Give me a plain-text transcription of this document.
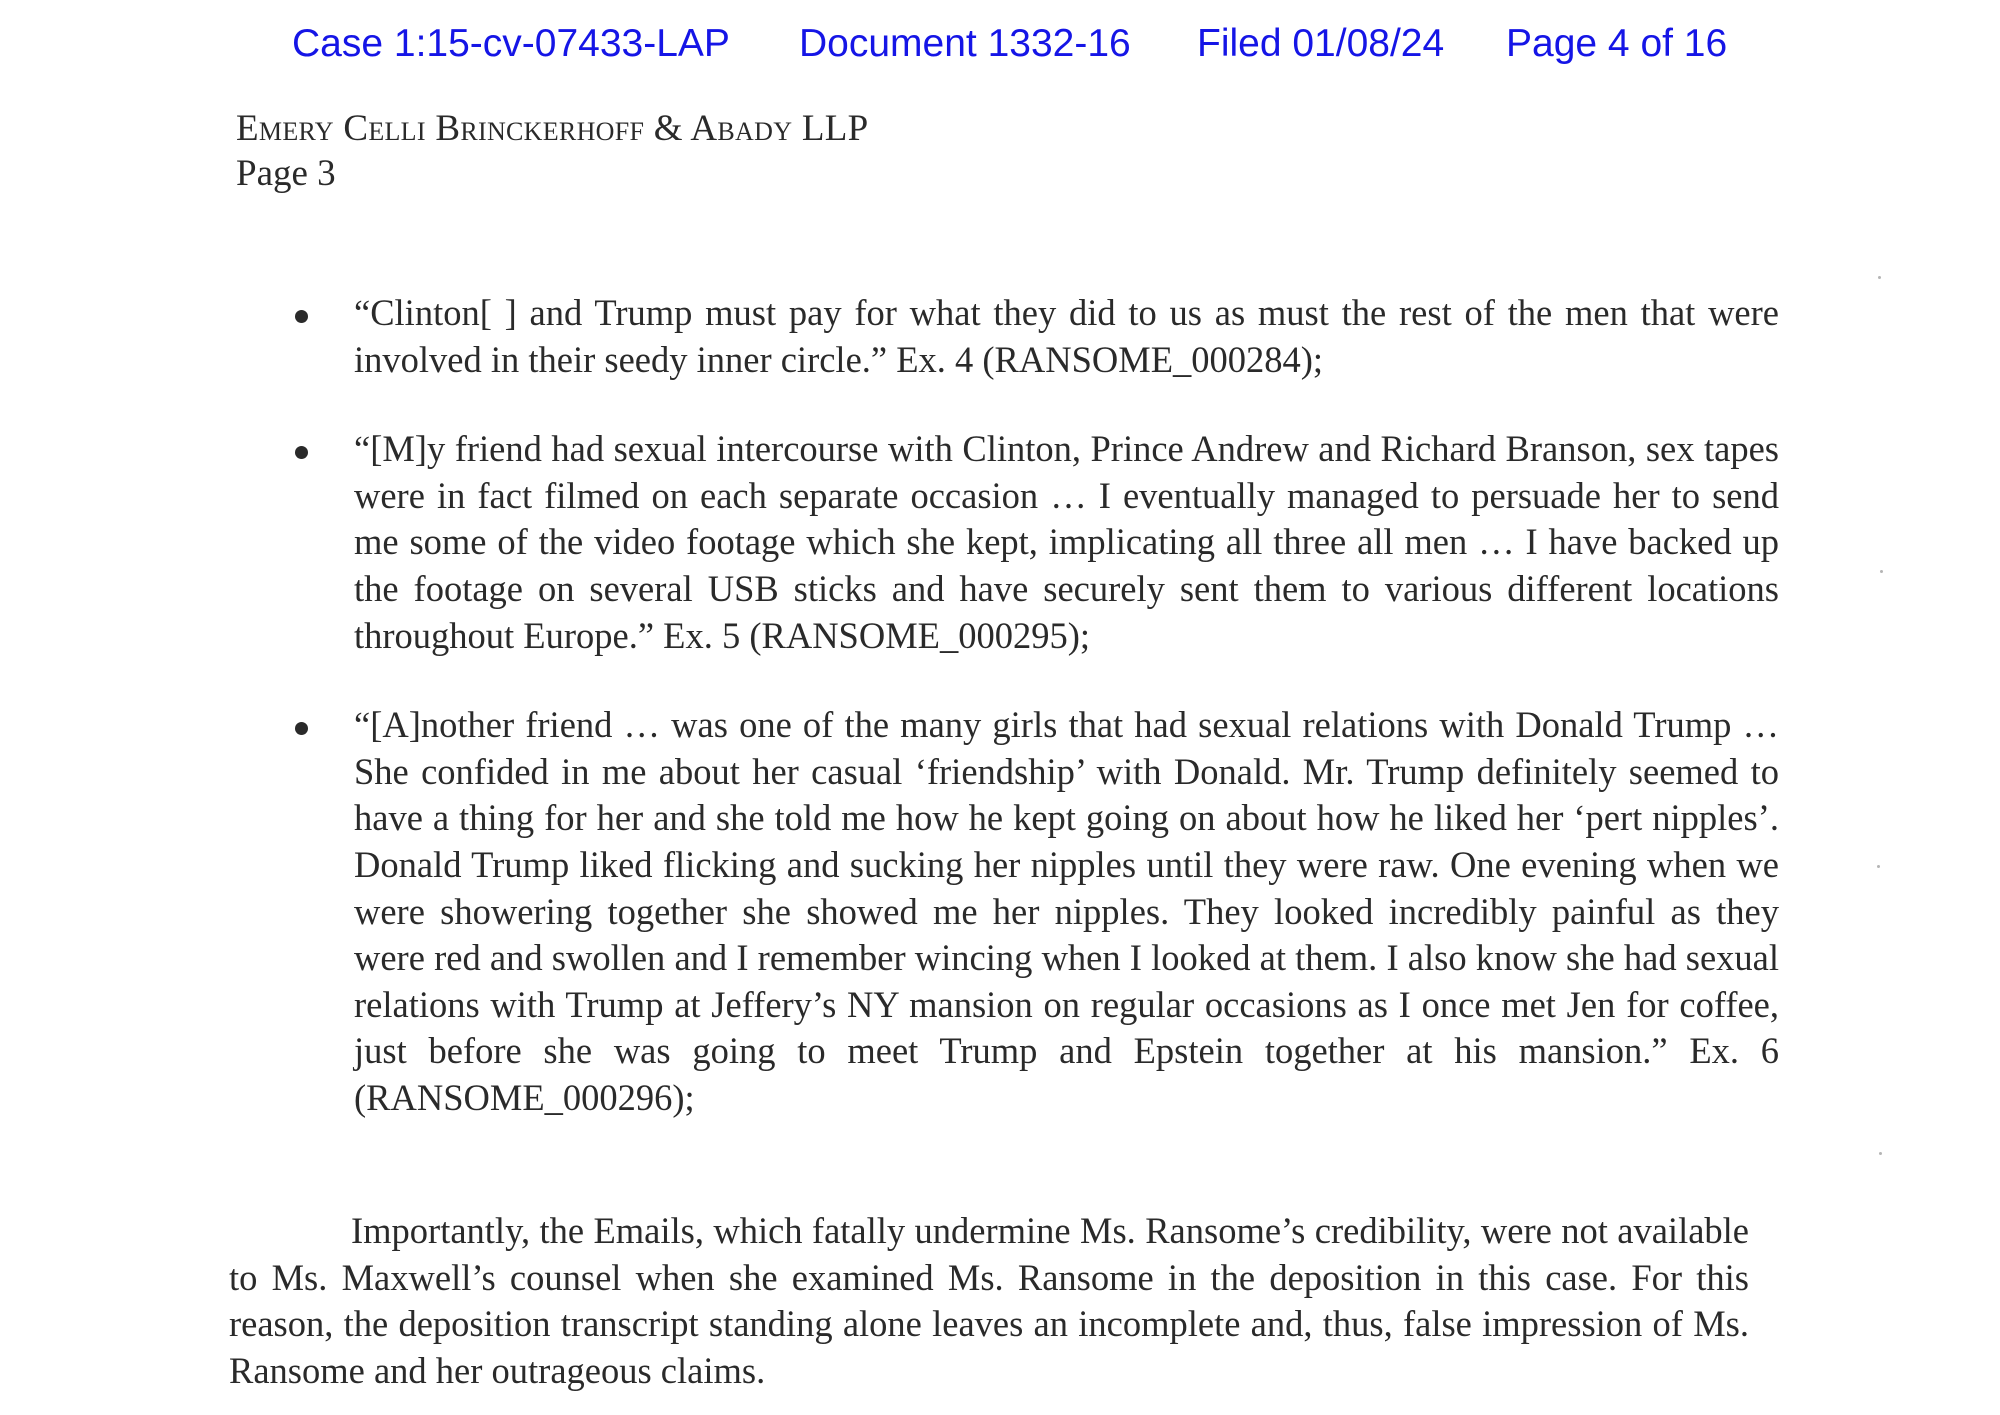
Case 1:15-cv-07433-LAP Document 1332-16 Filed 01/08/24 Page 4 of 16
Emery Celli Brinckerhoff & Abady LLP
Page 3

“Clinton[ ] and Trump must pay for what they did to us as must the rest of the men that were involved in their seedy inner circle.” Ex. 4 (RANSOME_000284);

“[M]y friend had sexual intercourse with Clinton, Prince Andrew and Richard Branson, sex tapes were in fact filmed on each separate occasion … I eventually managed to persuade her to send me some of the video footage which she kept, implicating all three all men … I have backed up the footage on several USB sticks and have securely sent them to various different locations throughout Europe.” Ex. 5 (RANSOME_000295);

“[A]nother friend … was one of the many girls that had sexual relations with Donald Trump … She confided in me about her casual ‘friendship’ with Donald. Mr. Trump definitely seemed to have a thing for her and she told me how he kept going on about how he liked her ‘pert nipples’. Donald Trump liked flicking and sucking her nipples until they were raw. One evening when we were showering together she showed me her nipples. They looked incredibly painful as they were red and swollen and I remember wincing when I looked at them. I also know she had sexual relations with Trump at Jeffery’s NY mansion on regular occasions as I once met Jen for coffee, just before she was going to meet Trump and Epstein together at his mansion.” Ex. 6 (RANSOME_000296);

Importantly, the Emails, which fatally undermine Ms. Ransome’s credibility, were not available to Ms. Maxwell’s counsel when she examined Ms. Ransome in the deposition in this case. For this reason, the deposition transcript standing alone leaves an incomplete and, thus, false impression of Ms. Ransome and her outrageous claims.
